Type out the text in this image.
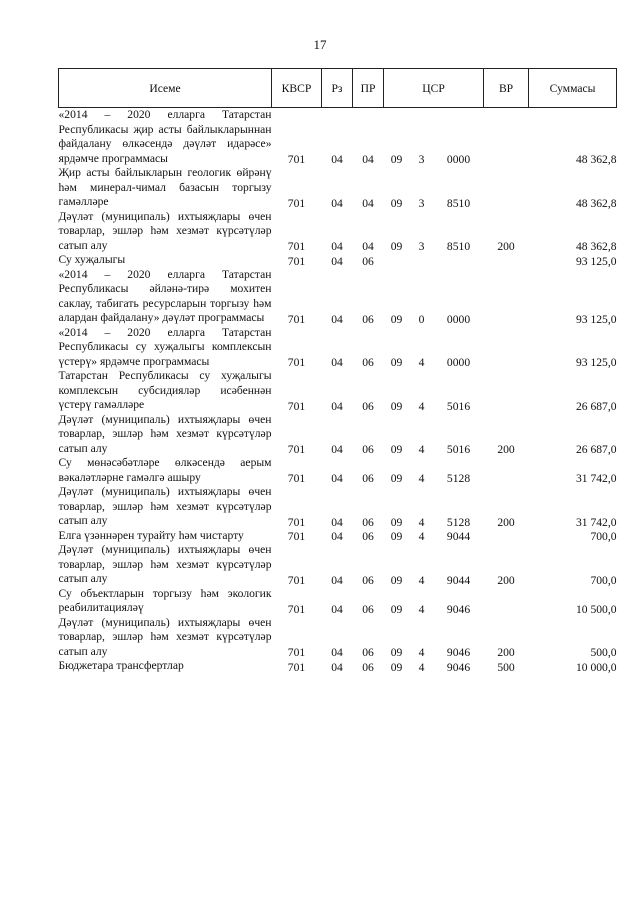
17
Исеме	КВСР	Рз	ПР	ЦСР			ВР	Суммасы
«2014 – 2020 елларга Татарстан Республикасы җир асты байлыкларыннан файдалану өлкәсендә дәүләт идарәсе» ярдәмче программасы	701	04	04	09	3	0000		48 362,8
Җир асты байлыкларын геологик өйрәнү һәм минерал-чимал базасын торгызу гамәлләре	701	04	04	09	3	8510		48 362,8
Дәүләт (муниципаль) ихтыяҗлары өчен товарлар, эшләр һәм хезмәт күрсәтүләр сатып алу	701	04	04	09	3	8510	200	48 362,8
Су хуҗалыгы	701	04	06					93 125,0
«2014 – 2020 елларга Татарстан Республикасы әйләнә-тирә мохитен саклау, табигать ресурсларын торгызу һәм алардан файдалану» дәүләт программасы	701	04	06	09	0	0000		93 125,0
«2014 – 2020 елларга Татарстан Республикасы су хуҗалыгы комплексын үстерү» ярдәмче программасы	701	04	06	09	4	0000		93 125,0
Татарстан Республикасы су хуҗалыгы комплексын субсидияләр исәбеннән үстерү гамәлләре	701	04	06	09	4	5016		26 687,0
Дәүләт (муниципаль) ихтыяҗлары өчен товарлар, эшләр һәм хезмәт күрсәтүләр сатып алу	701	04	06	09	4	5016	200	26 687,0
Су мөнәсәбәтләре өлкәсендә аерым вәкаләтләрне гамәлгә ашыру	701	04	06	09	4	5128		31 742,0
Дәүләт (муниципаль) ихтыяҗлары өчен товарлар, эшләр һәм хезмәт күрсәтүләр сатып алу	701	04	06	09	4	5128	200	31 742,0
Елга үзәннәрен турайту һәм чистарту	701	04	06	09	4	9044		700,0
Дәүләт (муниципаль) ихтыяҗлары өчен товарлар, эшләр һәм хезмәт күрсәтүләр сатып алу	701	04	06	09	4	9044	200	700,0
Су объектларын торгызу һәм экологик реабилитацияләү	701	04	06	09	4	9046		10 500,0
Дәүләт (муниципаль) ихтыяҗлары өчен товарлар, эшләр һәм хезмәт күрсәтүләр сатып алу	701	04	06	09	4	9046	200	500,0
Бюджетара трансфертлар	701	04	06	09	4	9046	500	10 000,0
